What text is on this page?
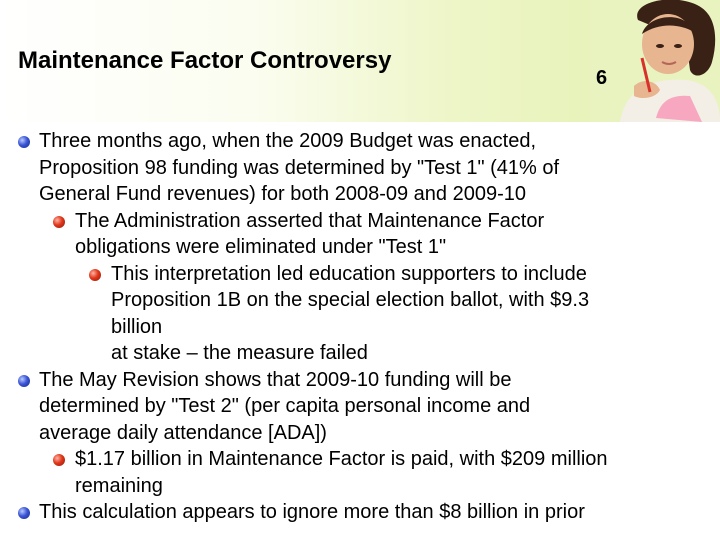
Maintenance Factor Controversy
6
Three months ago, when the 2009 Budget was enacted,
Proposition 98 funding was determined by "Test 1" (41% of
General Fund revenues) for both 2008-09 and 2009-10
The Administration asserted that Maintenance Factor
obligations were eliminated under "Test 1"
This interpretation led education supporters to include
Proposition 1B on the special election ballot, with $9.3
billion
at stake – the measure failed
The May Revision shows that 2009-10 funding will be
determined by "Test 2" (per capita personal income and
average daily attendance [ADA])
$1.17 billion in Maintenance Factor is paid, with $209 million
remaining
This calculation appears to ignore more than $8 billion in prior
